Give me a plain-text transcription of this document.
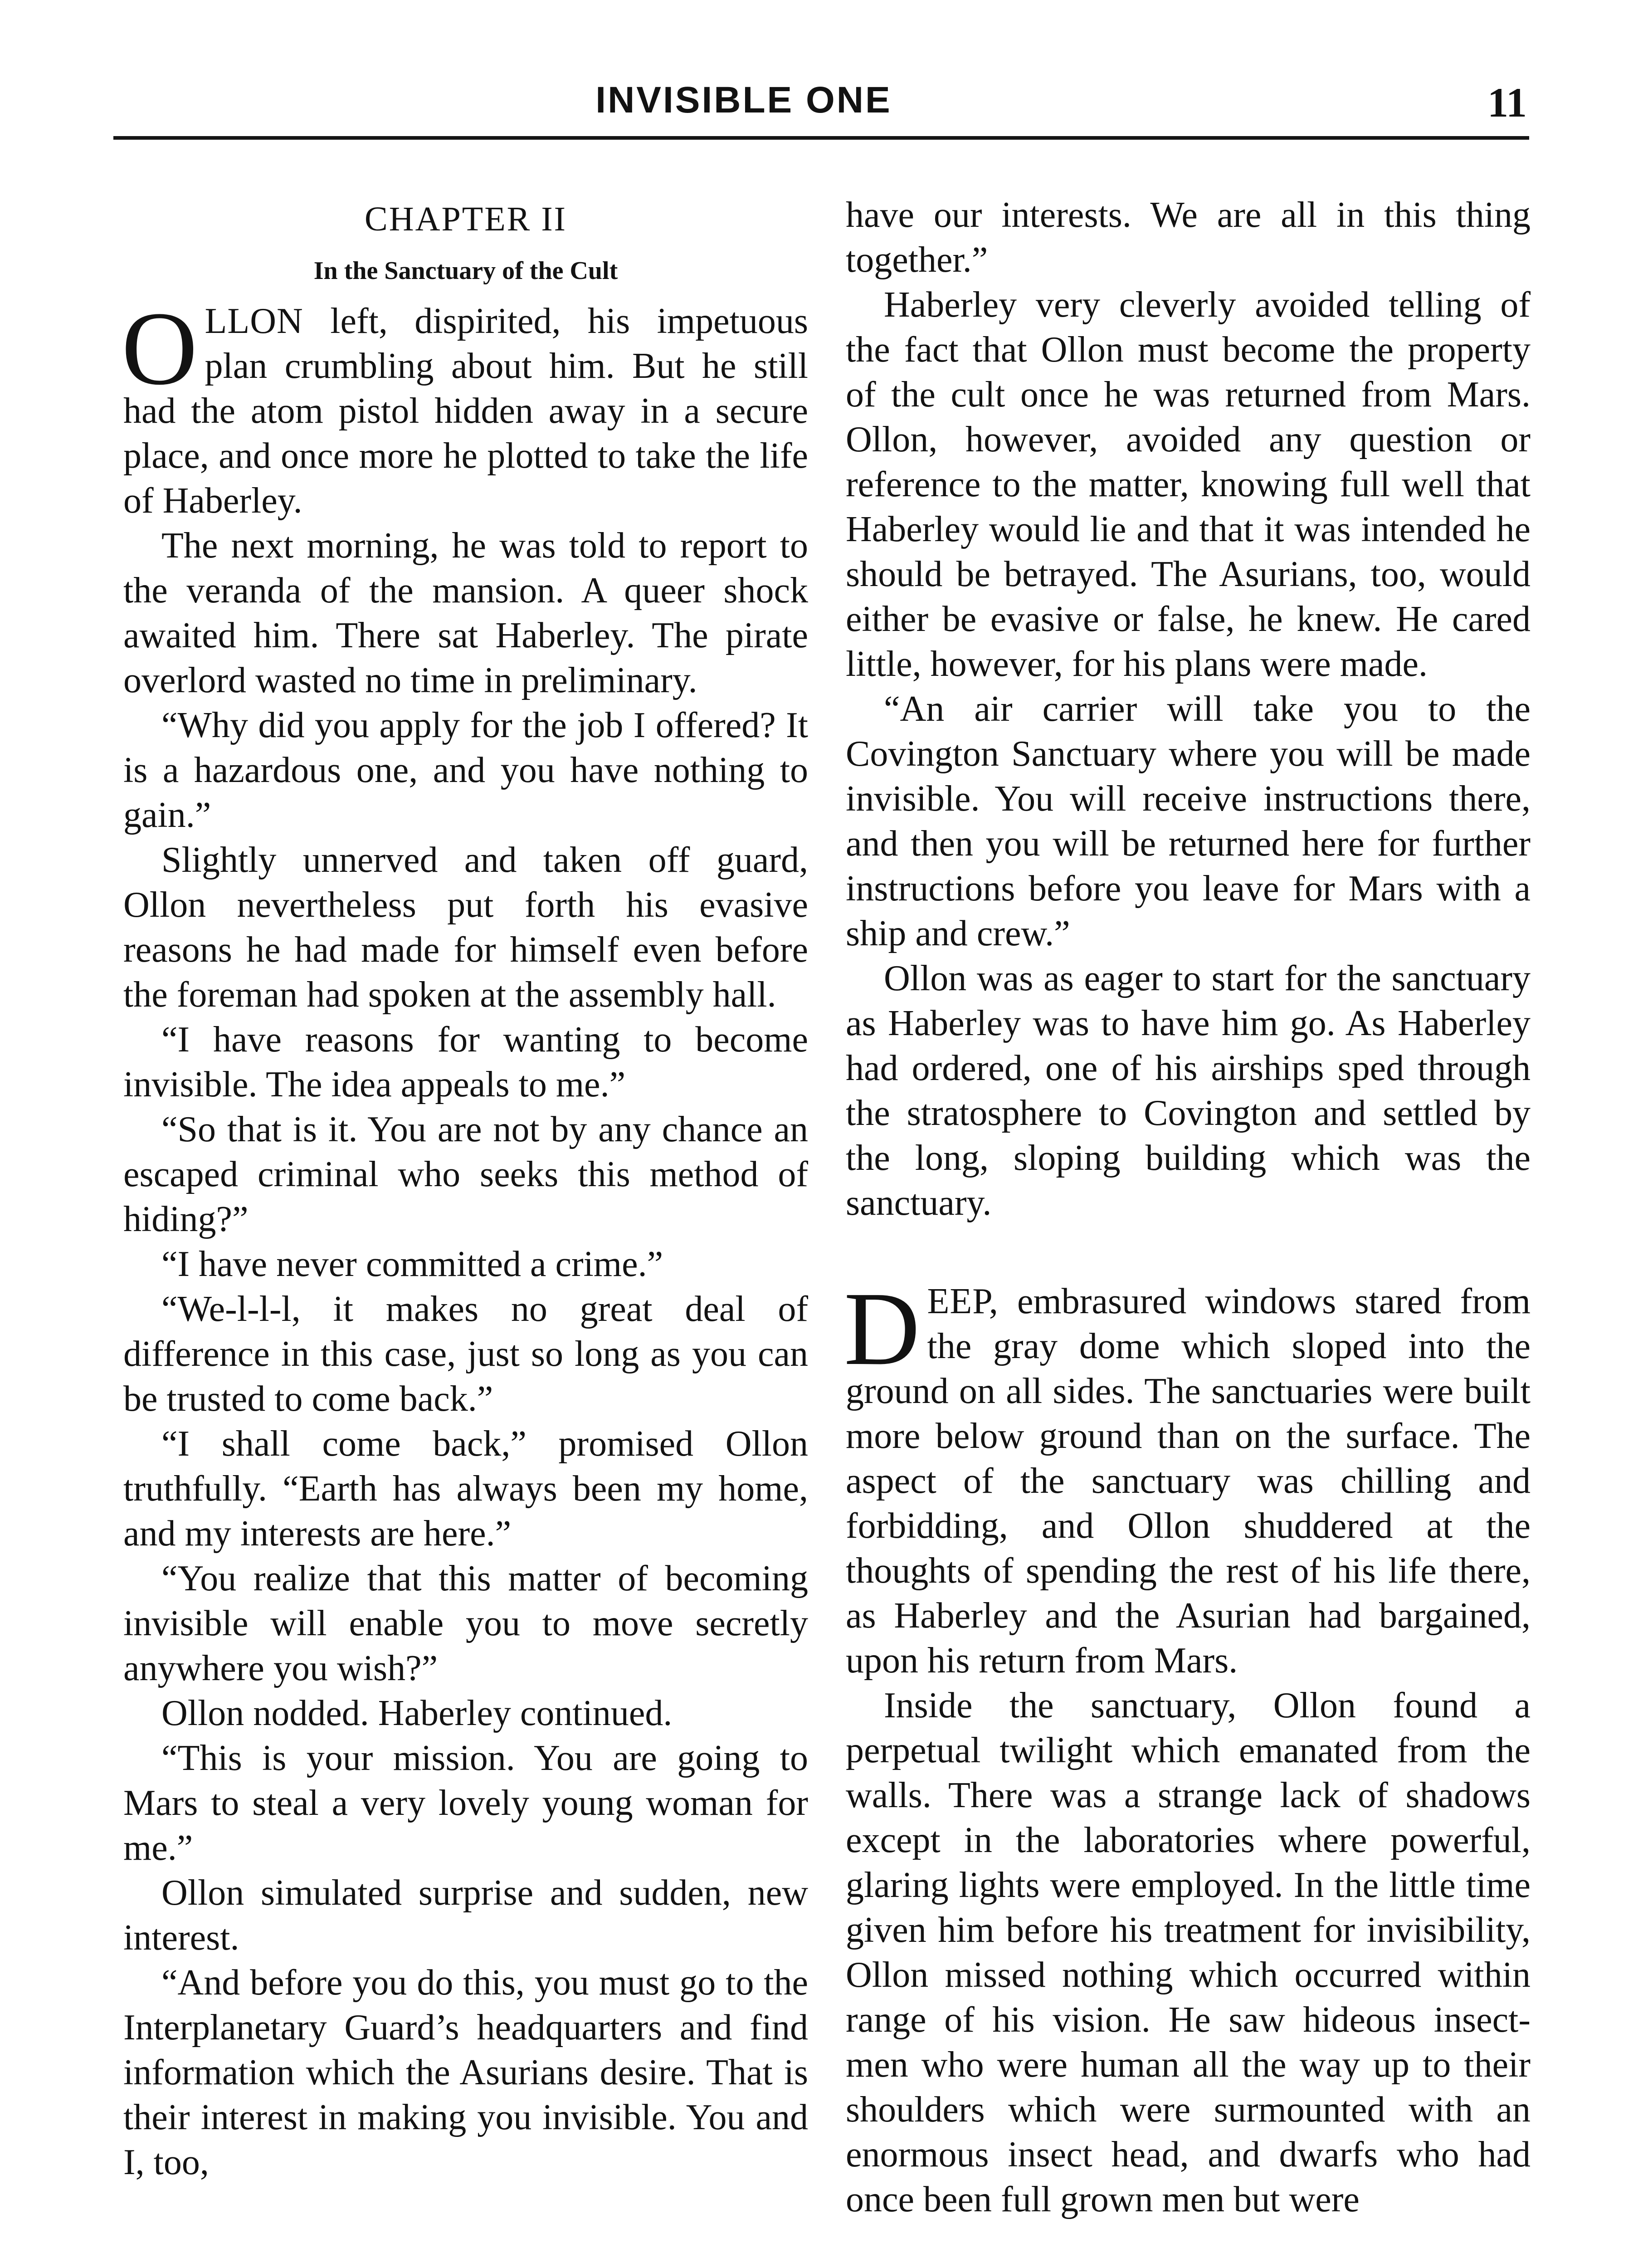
INVISIBLE ONE	11
CHAPTER II
In the Sanctuary of the Cult

OLLON left, dispirited, his impetuous plan crumbling about him. But he still had the atom pistol hidden away in a secure place, and once more he plotted to take the life of Haberley.

The next morning, he was told to report to the veranda of the mansion. A queer shock awaited him. There sat Haberley. The pirate overlord wasted no time in preliminary.

“Why did you apply for the job I offered? It is a hazardous one, and you have nothing to gain.”

Slightly unnerved and taken off guard, Ollon nevertheless put forth his evasive reasons he had made for himself even before the foreman had spoken at the assembly hall.

“I have reasons for wanting to become invisible. The idea appeals to me.”

“So that is it. You are not by any chance an escaped criminal who seeks this method of hiding?”

“I have never committed a crime.”

“We-l-l-l, it makes no great deal of difference in this case, just so long as you can be trusted to come back.”

“I shall come back,” promised Ollon truthfully. “Earth has always been my home, and my interests are here.”

“You realize that this matter of becoming invisible will enable you to move secretly anywhere you wish?”

Ollon nodded. Haberley continued.

“This is your mission. You are going to Mars to steal a very lovely young woman for me.”

Ollon simulated surprise and sudden, new interest.

“And before you do this, you must go to the Interplanetary Guard’s headquarters and find information which the Asurians desire. That is their interest in making you invisible. You and I, too,

have our interests. We are all in this thing together.”

Haberley very cleverly avoided telling of the fact that Ollon must become the property of the cult once he was returned from Mars. Ollon, however, avoided any question or reference to the matter, knowing full well that Haberley would lie and that it was intended he should be betrayed. The Asurians, too, would either be evasive or false, he knew. He cared little, however, for his plans were made.

“An air carrier will take you to the Covington Sanctuary where you will be made invisible. You will receive instructions there, and then you will be returned here for further instructions before you leave for Mars with a ship and crew.”

Ollon was as eager to start for the sanctuary as Haberley was to have him go. As Haberley had ordered, one of his airships sped through the stratosphere to Covington and settled by the long, sloping building which was the sanctuary.

DEEP, embrasured windows stared from the gray dome which sloped into the ground on all sides. The sanctuaries were built more below ground than on the surface. The aspect of the sanctuary was chilling and forbidding, and Ollon shuddered at the thoughts of spending the rest of his life there, as Haberley and the Asurian had bargained, upon his return from Mars.

Inside the sanctuary, Ollon found a perpetual twilight which emanated from the walls. There was a strange lack of shadows except in the laboratories where powerful, glaring lights were employed. In the little time given him before his treatment for invisibility, Ollon missed nothing which occurred within range of his vision. He saw hideous insect-men who were human all the way up to their shoulders which were surmounted with an enormous insect head, and dwarfs who had once been full grown men but were
